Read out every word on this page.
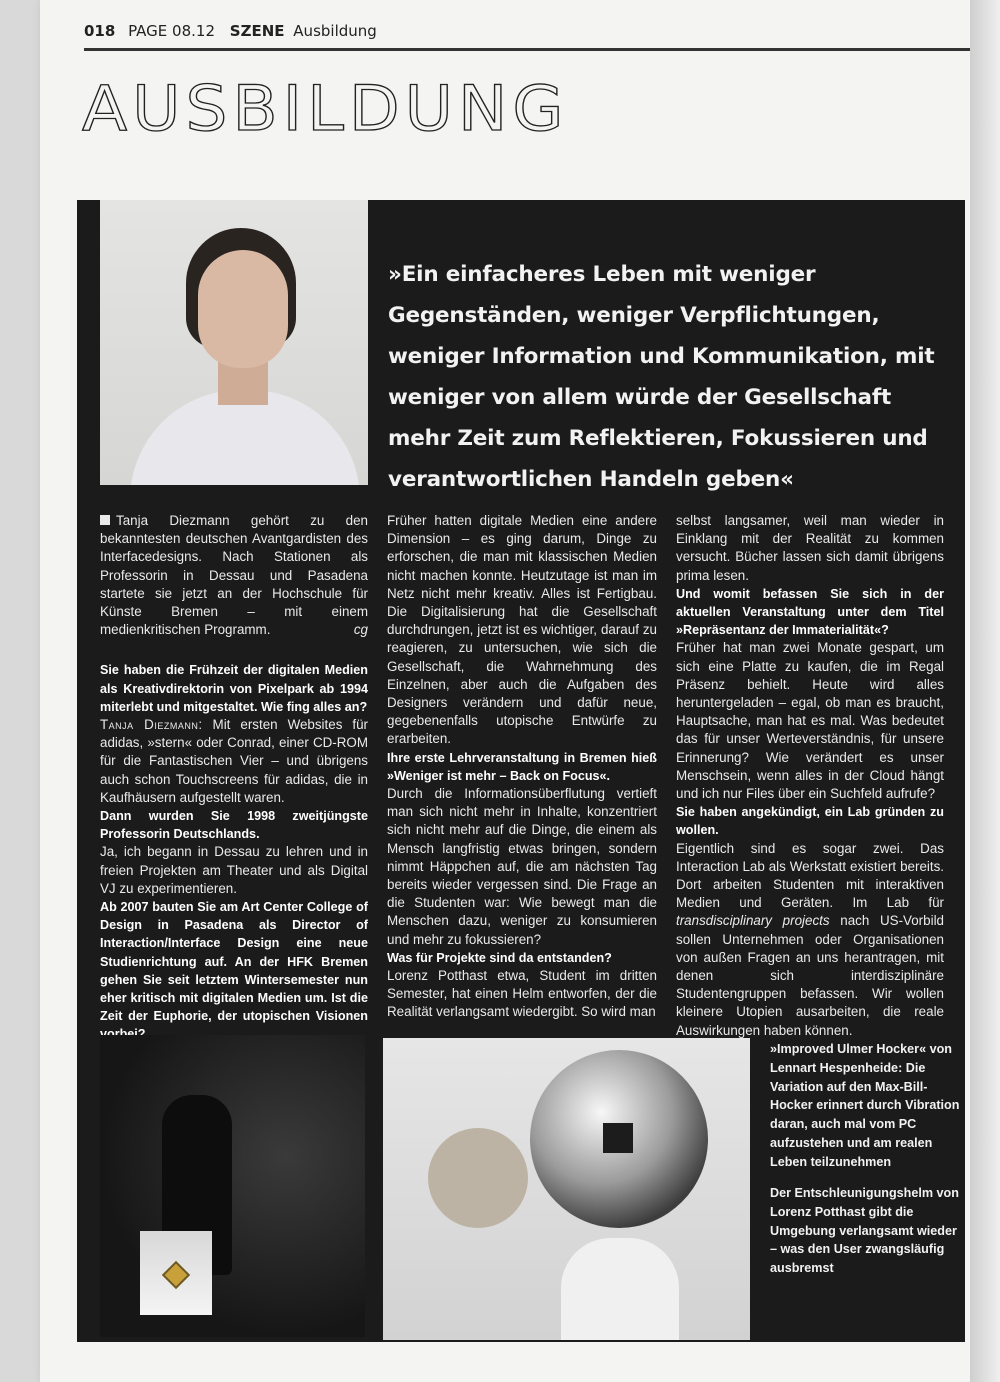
018 PAGE 08.12 SZENE Ausbildung
AUSBILDUNG
»Ein einfacheres Leben mit weniger Gegenständen, weniger Verpflichtungen, weniger Information und Kommunikation, mit weniger von allem würde der Gesellschaft mehr Zeit zum Reflektieren, Fokussieren und verantwortlichen Handeln geben«

Tanja Diezmann gehört zu den bekanntesten deutschen Avantgardisten des Interfacedesigns. Nach Stationen als Professorin in Dessau und Pasadena startete sie jetzt an der Hochschule für Künste Bremen – mit einem medienkritischen Programm.	cg

Sie haben die Frühzeit der digitalen Medien als Kreativdirektorin von Pixelpark ab 1994 miterlebt und mitgestaltet. Wie fing alles an?

Tanja Diezmann: Mit ersten Websites für adidas, »stern« oder Conrad, einer CD-ROM für die Fantastischen Vier – und übrigens auch schon Touchscreens für adidas, die in Kaufhäusern aufgestellt waren.

Dann wurden Sie 1998 zweitjüngste Professorin Deutschlands.

Ja, ich begann in Dessau zu lehren und in freien Projekten am Theater und als Digital VJ zu experimentieren.

Ab 2007 bauten Sie am Art Center College of Design in Pasadena als Director of Interaction/Interface Design eine neue Studienrichtung auf. An der HFK Bremen gehen Sie seit letztem Wintersemester nun eher kritisch mit digitalen Medien um. Ist die Zeit der Euphorie, der utopischen Visionen

Früher hatten digitale Medien eine andere Dimension – es ging darum, Dinge zu erforschen, die man mit klassischen Medien nicht machen konnte. Heutzutage ist man im Netz nicht mehr kreativ. Alles ist Fertigbau. Die Digitalisierung hat die Gesellschaft durchdrungen, jetzt ist es wichtiger, darauf zu reagieren, zu untersuchen, wie sich die Gesellschaft, die Wahrnehmung des Einzelnen, aber auch die Aufgaben des Designers verändern und dafür neue, gegebenenfalls utopische Entwürfe zu erarbeiten.

Ihre erste Lehrveranstaltung in Bremen hieß »Weniger ist mehr – Back on Focus«.

Durch die Informationsüberflutung vertieft man sich nicht mehr in Inhalte, konzentriert sich nicht mehr auf die Dinge, die einem als Mensch langfristig etwas bringen, sondern nimmt Häppchen auf, die am nächsten Tag bereits wieder vergessen sind. Die Frage an die Studenten war: Wie bewegt man die Menschen dazu, weniger zu konsumieren und mehr zu fokussieren?

Was für Projekte sind da entstanden?

Lorenz Potthast etwa, Student im dritten Semester, hat einen Helm entworfen, der die Realität verlangsamt wiedergibt. So wird man

selbst langsamer, weil man wieder in Einklang mit der Realität zu kommen versucht. Bücher lassen sich damit übrigens prima lesen.

Und womit befassen Sie sich in der aktuellen Veranstaltung unter dem Titel »Repräsentanz der Immaterialität«?

Früher hat man zwei Monate gespart, um sich eine Platte zu kaufen, die im Regal Präsenz behielt. Heute wird alles heruntergeladen – egal, ob man es braucht, Hauptsache, man hat es mal. Was bedeutet das für unser Werteverständnis, für unsere Erinnerung? Wie verändert es unser Menschsein, wenn alles in der Cloud hängt und ich nur Files über ein Suchfeld aufrufe?

Sie haben angekündigt, ein Lab gründen zu wollen.

Eigentlich sind es sogar zwei. Das Interaction Lab als Werkstatt existiert bereits. Dort arbeiten Studenten mit interaktiven Medien und Geräten. Im Lab für transdisciplinary projects nach US-Vorbild sollen Unternehmen oder Organisationen von außen Fragen an uns herantragen, mit denen sich interdisziplinäre Studentengruppen befassen. Wir wollen kleinere Utopien ausarbeiten, die reale Auswirkungen haben können.

»Improved Ulmer Hocker« von Lennart Hespenheide: Die Variation auf den Max-Bill-Hocker erinnert durch Vibration daran, auch mal vom PC aufzustehen und am realen Leben teilzunehmen
Der Entschleunigungshelm von Lorenz Potthast gibt die Umgebung verlangsamt wieder – was den User zwangsläufig ausbremst
